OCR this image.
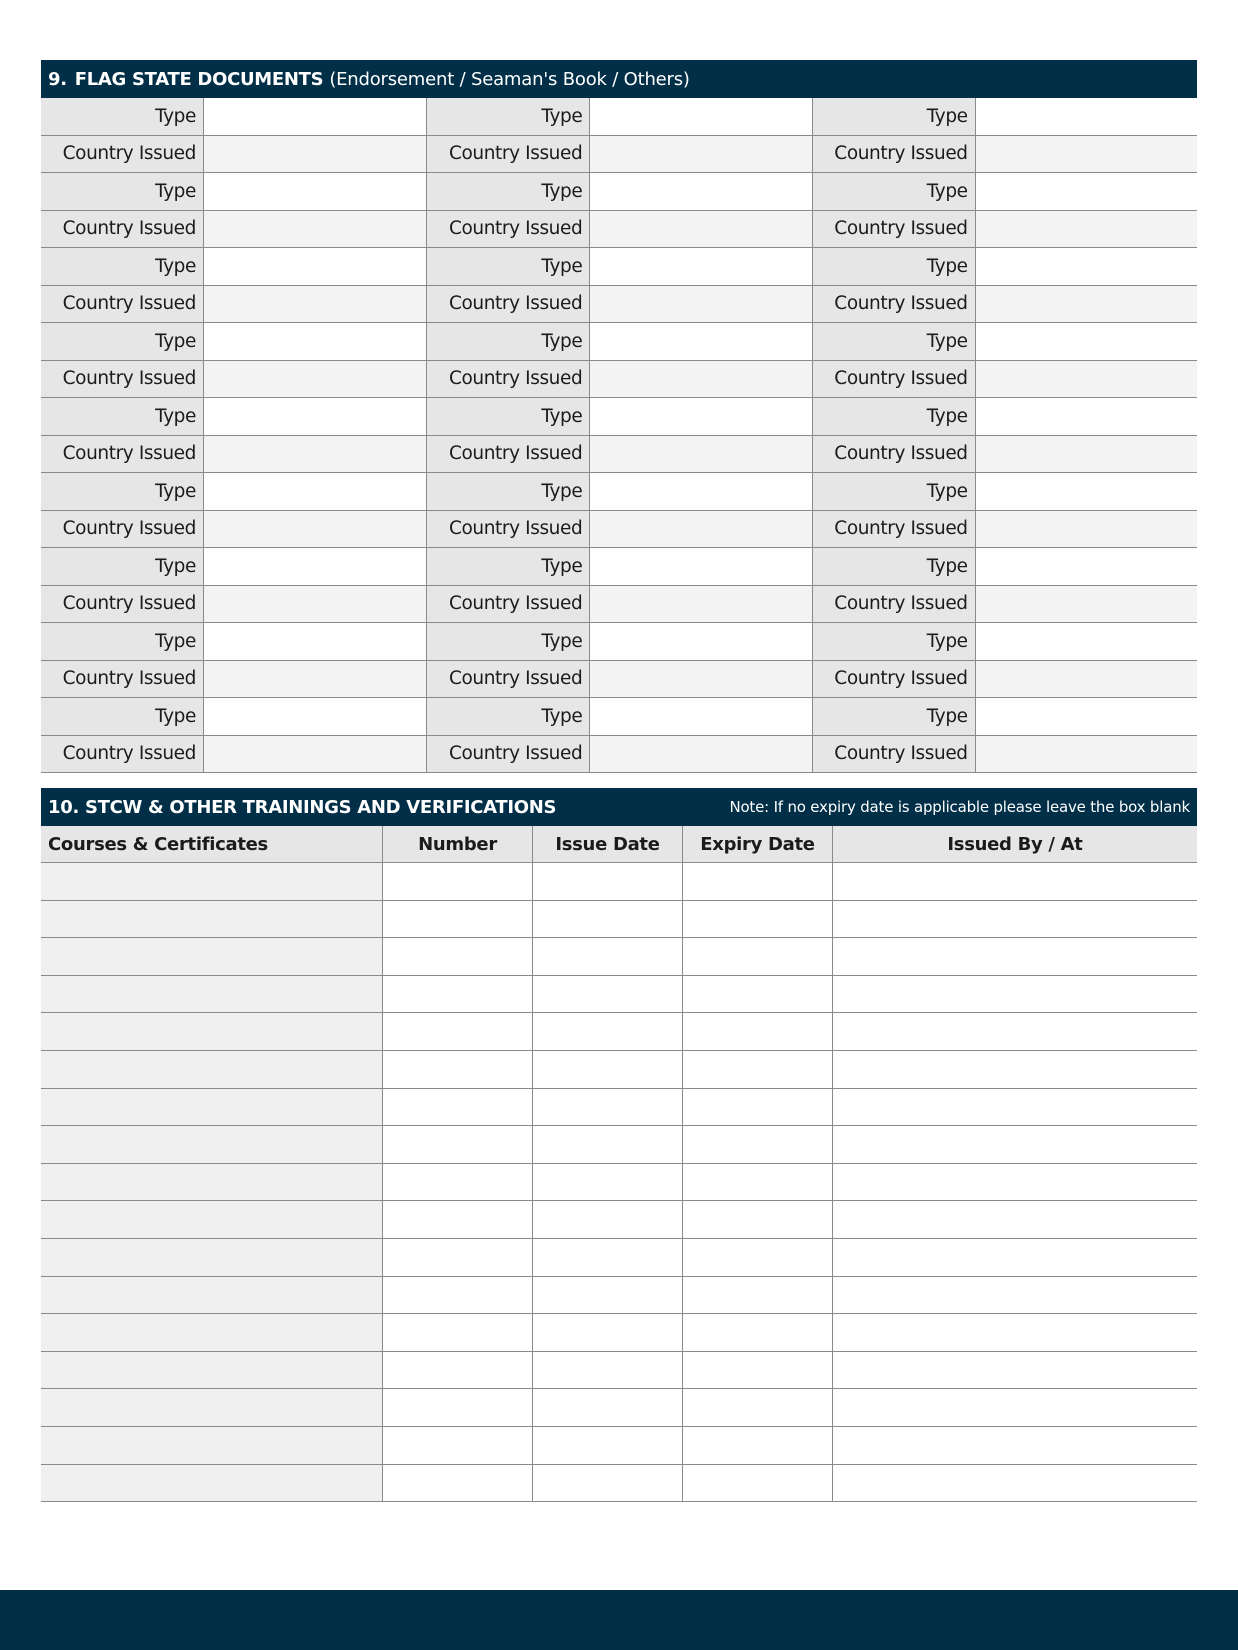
9. FLAG STATE DOCUMENTS (Endorsement / Seaman's Book / Others)
Type	Type	Type
Country Issued	Country Issued	Country Issued
Type	Type	Type
Country Issued	Country Issued	Country Issued
Type	Type	Type
Country Issued	Country Issued	Country Issued
Type	Type	Type
Country Issued	Country Issued	Country Issued
Type	Type	Type
Country Issued	Country Issued	Country Issued
Type	Type	Type
Country Issued	Country Issued	Country Issued
Type	Type	Type
Country Issued	Country Issued	Country Issued
Type	Type	Type
Country Issued	Country Issued	Country Issued
Type	Type	Type
Country Issued	Country Issued	Country Issued
10. STCW & OTHER TRAININGS AND VERIFICATIONS	Note: If no expiry date is applicable please leave the box blank
Courses & Certificates	Number	Issue Date	Expiry Date	Issued By / At
